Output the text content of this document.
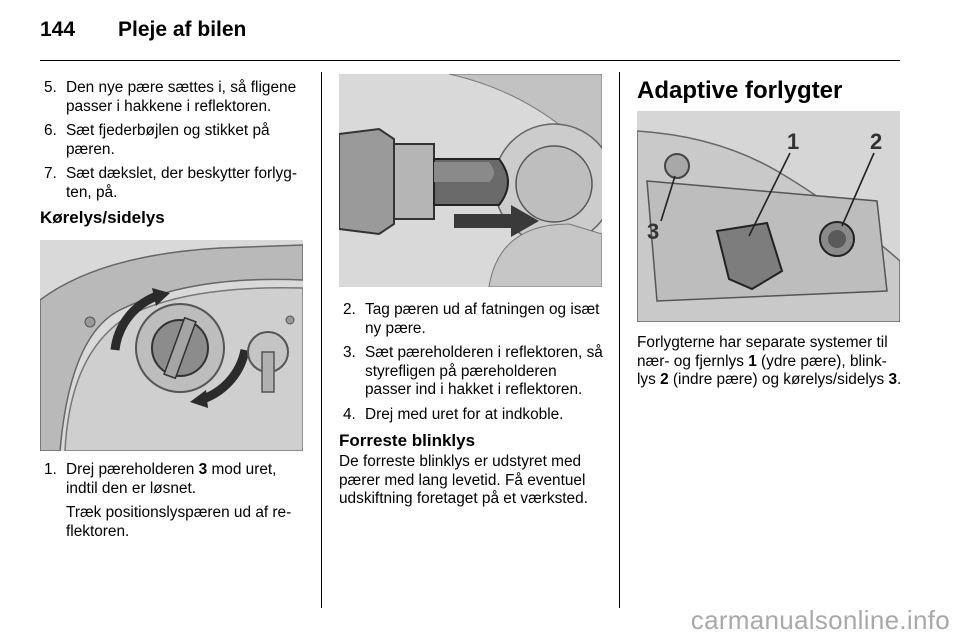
144 Pleje af bilen
5. Den nye pære sættes i, så fligene passer i hakkene i reflektoren.
6. Sæt fjederbøjlen og stikket på pæren.
7. Sæt dækslet, der beskytter forlyg-ten, på.
Kørelys/sidelys
1. Drej pæreholderen 3 mod uret, indtil den er løsnet.
Træk positionslyspæren ud af re-flektoren.
2. Tag pæren ud af fatningen og isæt ny pære.
3. Sæt pæreholderen i reflektoren, så styrefligen på pæreholderen passer ind i hakket i reflektoren.
4. Drej med uret for at indkoble.
Forreste blinklys
De forreste blinklys er udstyret med pærer med lang levetid. Få eventuel udskiftning foretaget på et værksted.
Adaptive forlygter
1	2
3
Forlygterne har separate systemer til nær- og fjernlys 1 (ydre pære), blink-lys 2 (indre pære) og kørelys/sidelys 3.
carmanualsonline.info
